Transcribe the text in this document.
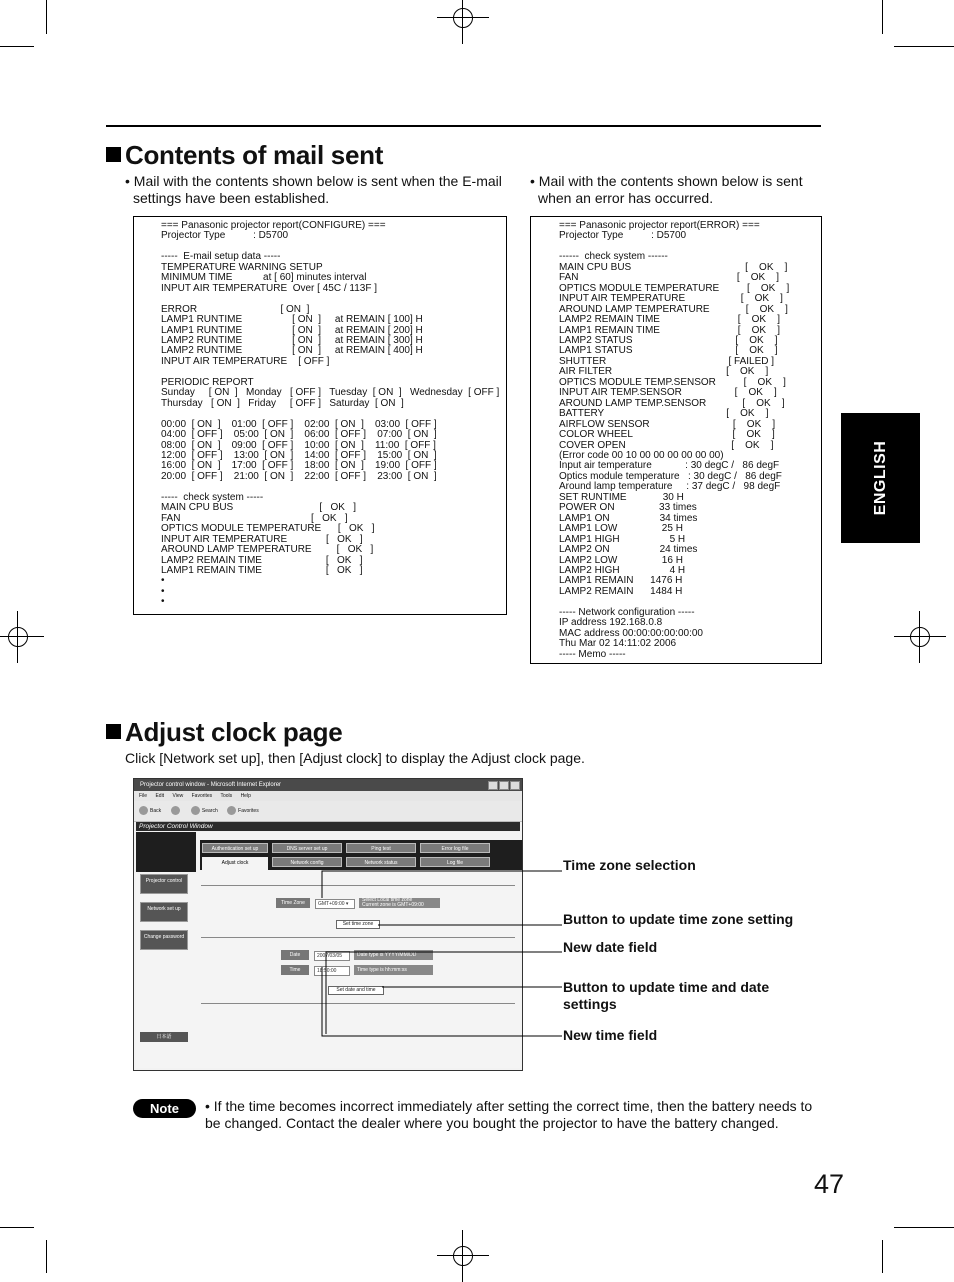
Contents of mail sent
• Mail with the contents shown below is sent when the E-mail
settings have been established.
• Mail with the contents shown below is sent
when an error has occurred.
=== Panasonic projector report(CONFIGURE) ===
Projector Type          : D5700

-----  E-mail setup data -----
TEMPERATURE WARNING SETUP
MINIMUM TIME           at [ 60] minutes interval
INPUT AIR TEMPERATURE  Over [ 45C / 113F ]

ERROR                              [ ON  ]
LAMP1 RUNTIME                  [ ON  ]     at REMAIN [ 100] H
LAMP1 RUNTIME                  [ ON  ]     at REMAIN [ 200] H
LAMP2 RUNTIME                  [ ON  ]     at REMAIN [ 300] H
LAMP2 RUNTIME                  [ ON  ]     at REMAIN [ 400] H
INPUT AIR TEMPERATURE    [ OFF ]

PERIODIC REPORT
Sunday     [ ON  ]   Monday   [ OFF ]   Tuesday  [ ON  ]   Wednesday  [ OFF ]
Thursday   [ ON  ]   Friday     [ OFF ]   Saturday  [ ON  ]

00:00  [ ON  ]    01:00  [ OFF ]    02:00  [ ON  ]    03:00  [ OFF ]
04:00  [ OFF ]    05:00  [ ON  ]    06:00  [ OFF ]    07:00  [ ON  ]
08:00  [ ON  ]    09:00  [ OFF ]    10:00  [ ON  ]    11:00  [ OFF ]
12:00  [ OFF ]    13:00  [ ON  ]    14:00  [ OFF ]    15:00  [ ON  ]
16:00  [ ON  ]    17:00  [ OFF ]    18:00  [ ON  ]    19:00  [ OFF ]
20:00  [ OFF ]    21:00  [ ON  ]    22:00  [ OFF ]    23:00  [ ON  ]

-----  check system -----
MAIN CPU BUS                               [   OK   ]
FAN                                               [   OK   ]
OPTICS MODULE TEMPERATURE      [   OK   ]
INPUT AIR TEMPERATURE              [   OK   ]
AROUND LAMP TEMPERATURE         [   OK   ]
LAMP2 REMAIN TIME                       [   OK   ]
LAMP1 REMAIN TIME                       [   OK   ]
•
•
•
=== Panasonic projector report(ERROR) ===
Projector Type          : D5700

------  check system ------
MAIN CPU BUS                                         [    OK    ]
FAN                                                         [    OK    ]
OPTICS MODULE TEMPERATURE          [    OK    ]
INPUT AIR TEMPERATURE                    [    OK    ]
AROUND LAMP TEMPERATURE             [    OK    ]
LAMP2 REMAIN TIME                            [    OK    ]
LAMP1 REMAIN TIME                            [    OK    ]
LAMP2 STATUS                                     [    OK    ]
LAMP1 STATUS                                     [    OK    ]
SHUTTER                                            [ FAILED ]
AIR FILTER                                         [    OK    ]
OPTICS MODULE TEMP.SENSOR          [    OK    ]
INPUT AIR TEMP.SENSOR                   [    OK    ]
AROUND LAMP TEMP.SENSOR             [    OK    ]
BATTERY                                            [    OK    ]
AIRFLOW SENSOR                              [    OK    ]
COLOR WHEEL                                    [    OK    ]
COVER OPEN                                      [    OK    ]
(Error code 00 10 00 00 00 00 00 00)
Input air temperature            : 30 degC /   86 degF
Optics module temperature   : 30 degC /   86 degF
Around lamp temperature     : 37 degC /   98 degF
SET RUNTIME             30 H
POWER ON                33 times
LAMP1 ON                  34 times
LAMP1 LOW                25 H
LAMP1 HIGH                  5 H
LAMP2 ON                  24 times
LAMP2 LOW                16 H
LAMP2 HIGH                  4 H
LAMP1 REMAIN      1476 H
LAMP2 REMAIN      1484 H

----- Network configuration -----
IP address 192.168.0.8
MAC address 00:00:00:00:00:00
Thu Mar 02 14:11:02 2006
----- Memo -----
ENGLISH
Adjust clock page
Click [Network set up], then [Adjust clock] to display the Adjust clock page.
Projector control window - Microsoft Internet Explorer
File Edit View Favorites Tools Help
Back	Search	Favorites
Projector Control Window
Authentication set up	DNS server set up	Ping test	Error log file
Adjust clock	Network config	Network status	Log file
Projector control
Network set up
Change password
日本語
Time Zone	GMT+09:00 ▾
Select Local time zone
Current zone is GMT+09:00
Set time zone
Date	2007/03/05	Date type is YYYY/MM/DD
Time	18:50:00	Time type is hh:mm:ss
Set date and time
Time zone selection
Button to update time zone setting
New date field
Button to update time and date
settings
New time field
Note	• If the time becomes incorrect immediately after setting the correct time, then the battery needs to be changed. Contact the dealer where you bought the projector to have the battery changed.
47
